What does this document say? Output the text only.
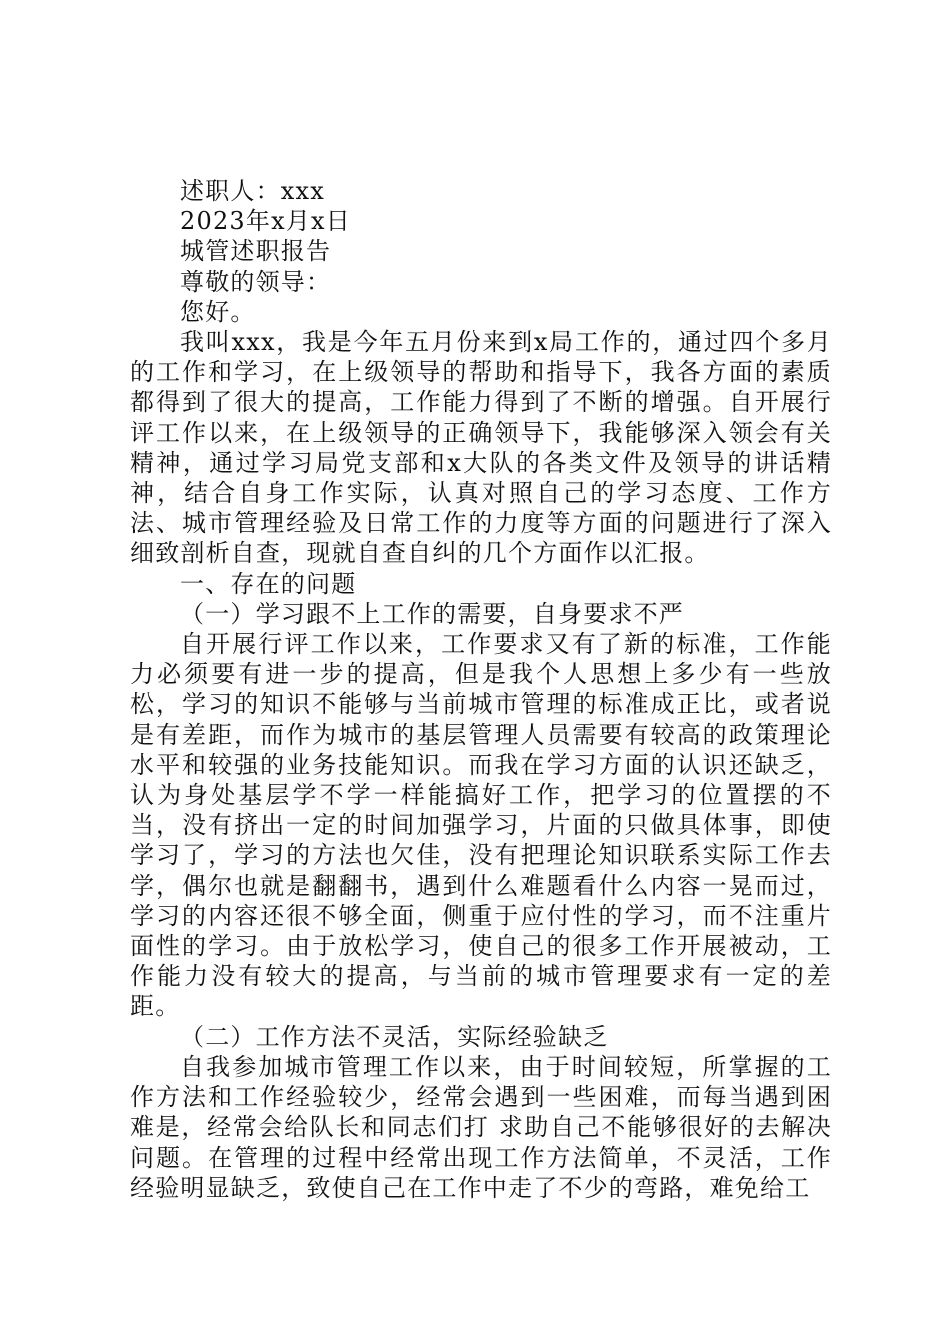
述职人：xxx
2023年x月x日
城管述职报告
尊敬的领导：
您好。

我叫xxx，我是今年五月份来到x局工作的，通过四个多月的工作和学习，在上级领导的帮助和指导下，我各方面的素质都得到了很大的提高，工作能力得到了不断的增强。自开展行评工作以来，在上级领导的正确领导下，我能够深入领会有关精神，通过学习局党支部和x大队的各类文件及领导的讲话精神，结合自身工作实际，认真对照自己的学习态度、工作方法、城市管理经验及日常工作的力度等方面的问题进行了深入细致剖析自查，现就自查自纠的几个方面作以汇报。

一、存在的问题

（一）学习跟不上工作的需要，自身要求不严

自开展行评工作以来，工作要求又有了新的标准，工作能力必须要有进一步的提高，但是我个人思想上多少有一些放松，学习的知识不能够与当前城市管理的标准成正比，或者说是有差距，而作为城市的基层管理人员需要有较高的政策理论水平和较强的业务技能知识。而我在学习方面的认识还缺乏，认为身处基层学不学一样能搞好工作，把学习的位置摆的不当，没有挤出一定的时间加强学习，片面的只做具体事，即使学习了，学习的方法也欠佳，没有把理论知识联系实际工作去学，偶尔也就是翻翻书，遇到什么难题看什么内容一晃而过，学习的内容还很不够全面，侧重于应付性的学习，而不注重片面性的学习。由于放松学习，使自己的很多工作开展被动，工作能力没有较大的提高，与当前的城市管理要求有一定的差距。

（二）工作方法不灵活，实际经验缺乏

自我参加城市管理工作以来，由于时间较短，所掌握的工作方法和工作经验较少，经常会遇到一些困难，而每当遇到困难是，经常会给队长和同志们打 求助自己不能够很好的去解决问题。在管理的过程中经常出现工作方法简单，不灵活，工作经验明显缺乏，致使自己在工作中走了不少的弯路，难免给工
